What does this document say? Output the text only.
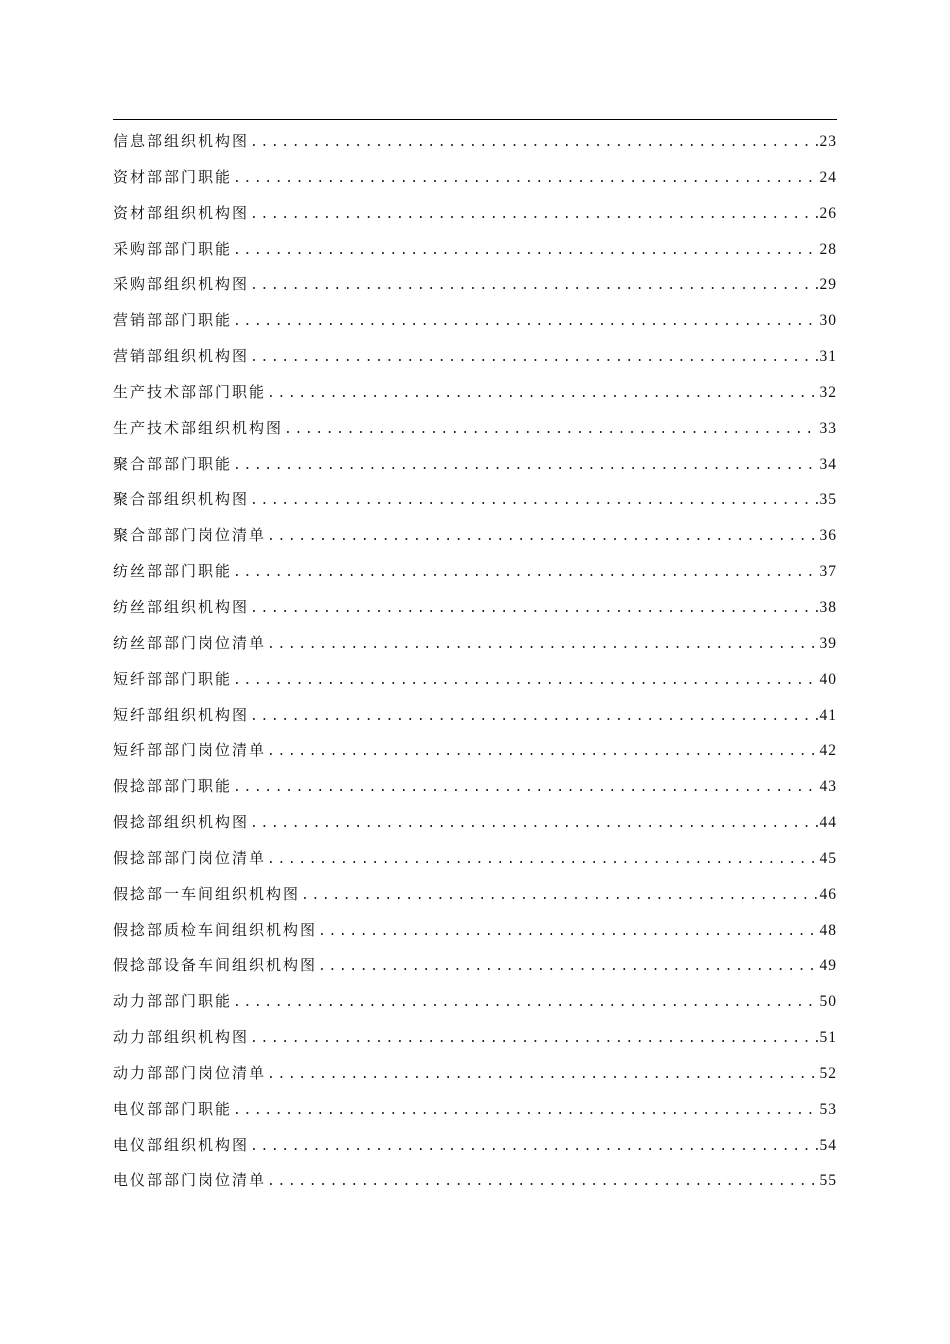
信息部组织机构图 .....	23
资材部部门职能 .....	24
资材部组织机构图 .....	26
采购部部门职能 .....	28
采购部组织机构图 .....	29
营销部部门职能 .....	30
营销部组织机构图 .....	31
生产技术部部门职能 .....	32
生产技术部组织机构图 .....	33
聚合部部门职能 .....	34
聚合部组织机构图 .....	35
聚合部部门岗位清单 .....	36
纺丝部部门职能 .....	37
纺丝部组织机构图 .....	38
纺丝部部门岗位清单 .....	39
短纤部部门职能 .....	40
短纤部组织机构图 .....	41
短纤部部门岗位清单 .....	42
假捻部部门职能 .....	43
假捻部组织机构图 .....	44
假捻部部门岗位清单 .....	45
假捻部一车间组织机构图 .....	46
假捻部质检车间组织机构图 .....	48
假捻部设备车间组织机构图 .....	49
动力部部门职能 .....	50
动力部组织机构图 .....	51
动力部部门岗位清单 .....	52
电仪部部门职能 .....	53
电仪部组织机构图 .....	54
电仪部部门岗位清单 .....	55
